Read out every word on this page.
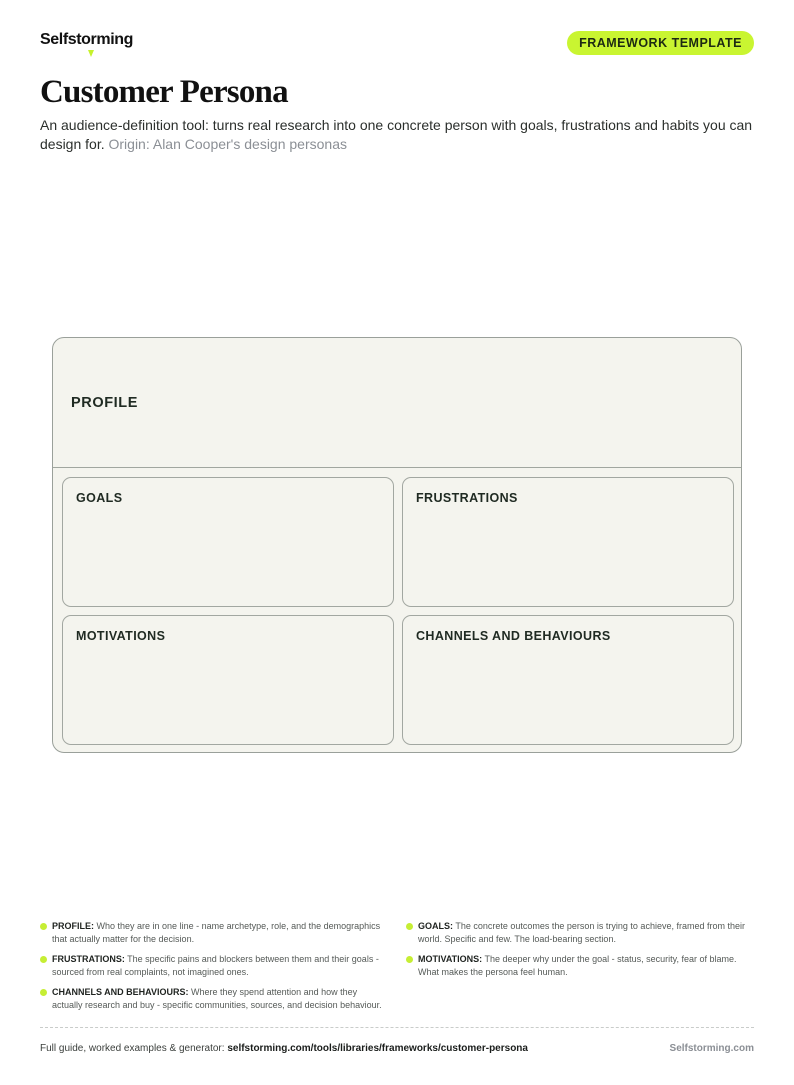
Selfstorming	FRAMEWORK TEMPLATE
Customer Persona

An audience-definition tool: turns real research into one concrete person with goals, frustrations and habits you can design for. Origin: Alan Cooper's design personas

PROFILE
GOALS	FRUSTRATIONS
MOTIVATIONS	CHANNELS AND BEHAVIOURS
PROFILE: Who they are in one line - name archetype, role, and the demographics that actually matter for the decision.
GOALS: The concrete outcomes the person is trying to achieve, framed from their world. Specific and few. The load-bearing section.
FRUSTRATIONS: The specific pains and blockers between them and their goals - sourced from real complaints, not imagined ones.
MOTIVATIONS: The deeper why under the goal - status, security, fear of blame. What makes the persona feel human.
CHANNELS AND BEHAVIOURS: Where they spend attention and how they actually research and buy - specific communities, sources, and decision behaviour.
Full guide, worked examples & generator: selfstorming.com/tools/libraries/frameworks/customer-persona	Selfstorming.com
